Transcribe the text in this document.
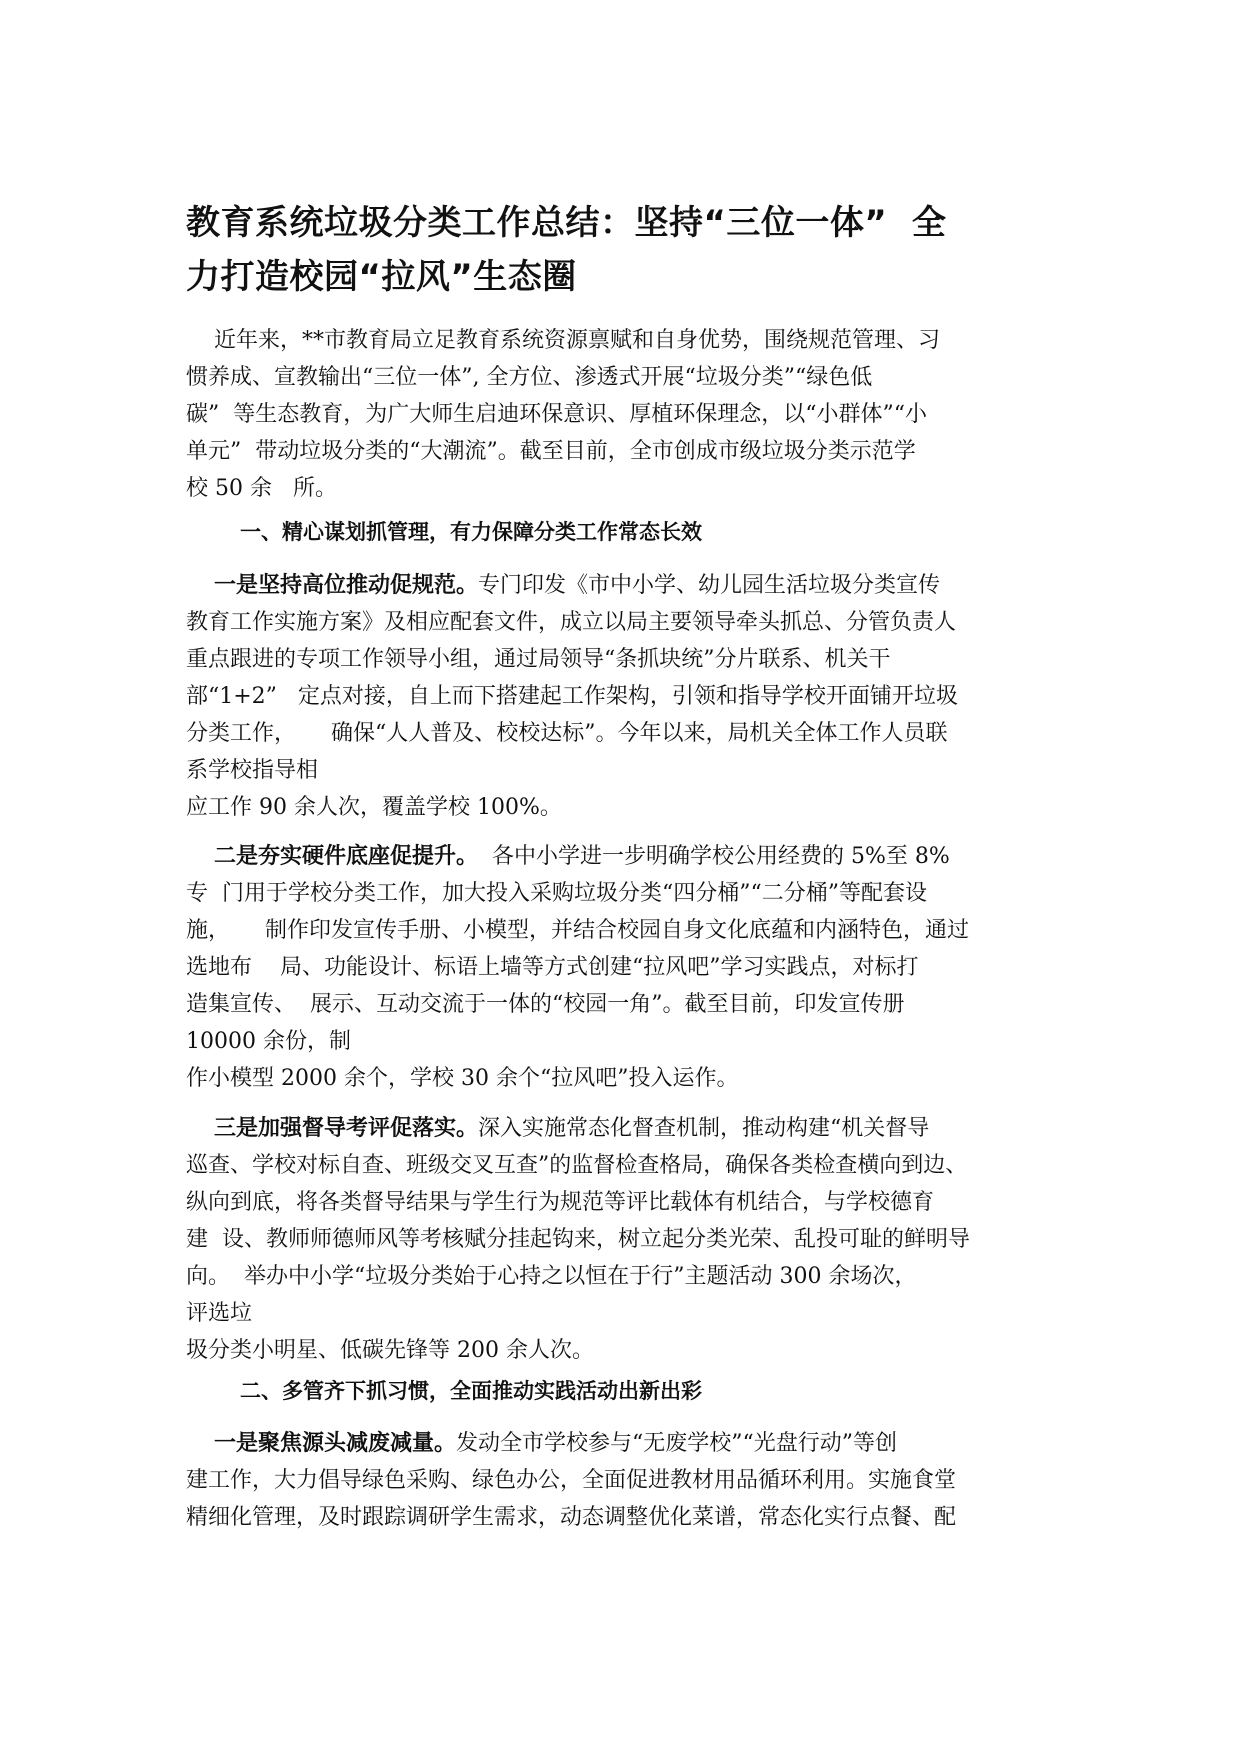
教育系统垃圾分类工作总结：坚持“三位一体”  全
力打造校园“拉风”生态圈

近年来，**市教育局立足教育系统资源禀赋和自身优势，围绕规范管理、习
惯养成、宣教输出“三位一体”, 全方位、渗透式开展“垃圾分类”“绿色低
碳”  等生态教育，为广大师生启迪环保意识、厚植环保理念，以“小群体”“小
单元”  带动垃圾分类的“大潮流”。截至目前，全市创成市级垃圾分类示范学
校 50 余   所。

一、精心谋划抓管理，有力保障分类工作常态长效

一是坚持高位推动促规范。专门印发《市中小学、幼儿园生活垃圾分类宣传
教育工作实施方案》及相应配套文件，成立以局主要领导牵头抓总、分管负责人
重点跟进的专项工作领导小组，通过局领导“条抓块统”分片联系、机关干
部“1+2”   定点对接，自上而下搭建起工作架构，引领和指导学校开面铺开垃圾
分类工作，     确保“人人普及、校校达标”。今年以来，局机关全体工作人员联
系学校指导相
应工作 90 余人次，覆盖学校 100%。

二是夯实硬件底座促提升。  各中小学进一步明确学校公用经费的 5%至 8%
专  门用于学校分类工作，加大投入采购垃圾分类“四分桶”“二分桶”等配套设
施，     制作印发宣传手册、小模型，并结合校园自身文化底蕴和内涵特色，通过
选地布    局、功能设计、标语上墙等方式创建“拉风吧”学习实践点，对标打
造集宣传、  展示、互动交流于一体的“校园一角”。截至目前，印发宣传册
10000 余份，制
作小模型 2000 余个，学校 30 余个“拉风吧”投入运作。

三是加强督导考评促落实。深入实施常态化督查机制，推动构建“机关督导
巡查、学校对标自查、班级交叉互查”的监督检查格局，确保各类检查横向到边、
纵向到底，将各类督导结果与学生行为规范等评比载体有机结合，与学校德育
建  设、教师师德师风等考核赋分挂起钩来，树立起分类光荣、乱投可耻的鲜明导
向。  举办中小学“垃圾分类始于心持之以恒在于行”主题活动 300 余场次，
评选垃
圾分类小明星、低碳先锋等 200 余人次。

二、多管齐下抓习惯，全面推动实践活动出新出彩

一是聚焦源头减废减量。发动全市学校参与“无废学校”“光盘行动”等创
建工作，大力倡导绿色采购、绿色办公，全面促进教材用品循环利用。实施食堂
精细化管理，及时跟踪调研学生需求，动态调整优化菜谱，常态化实行点餐、配
